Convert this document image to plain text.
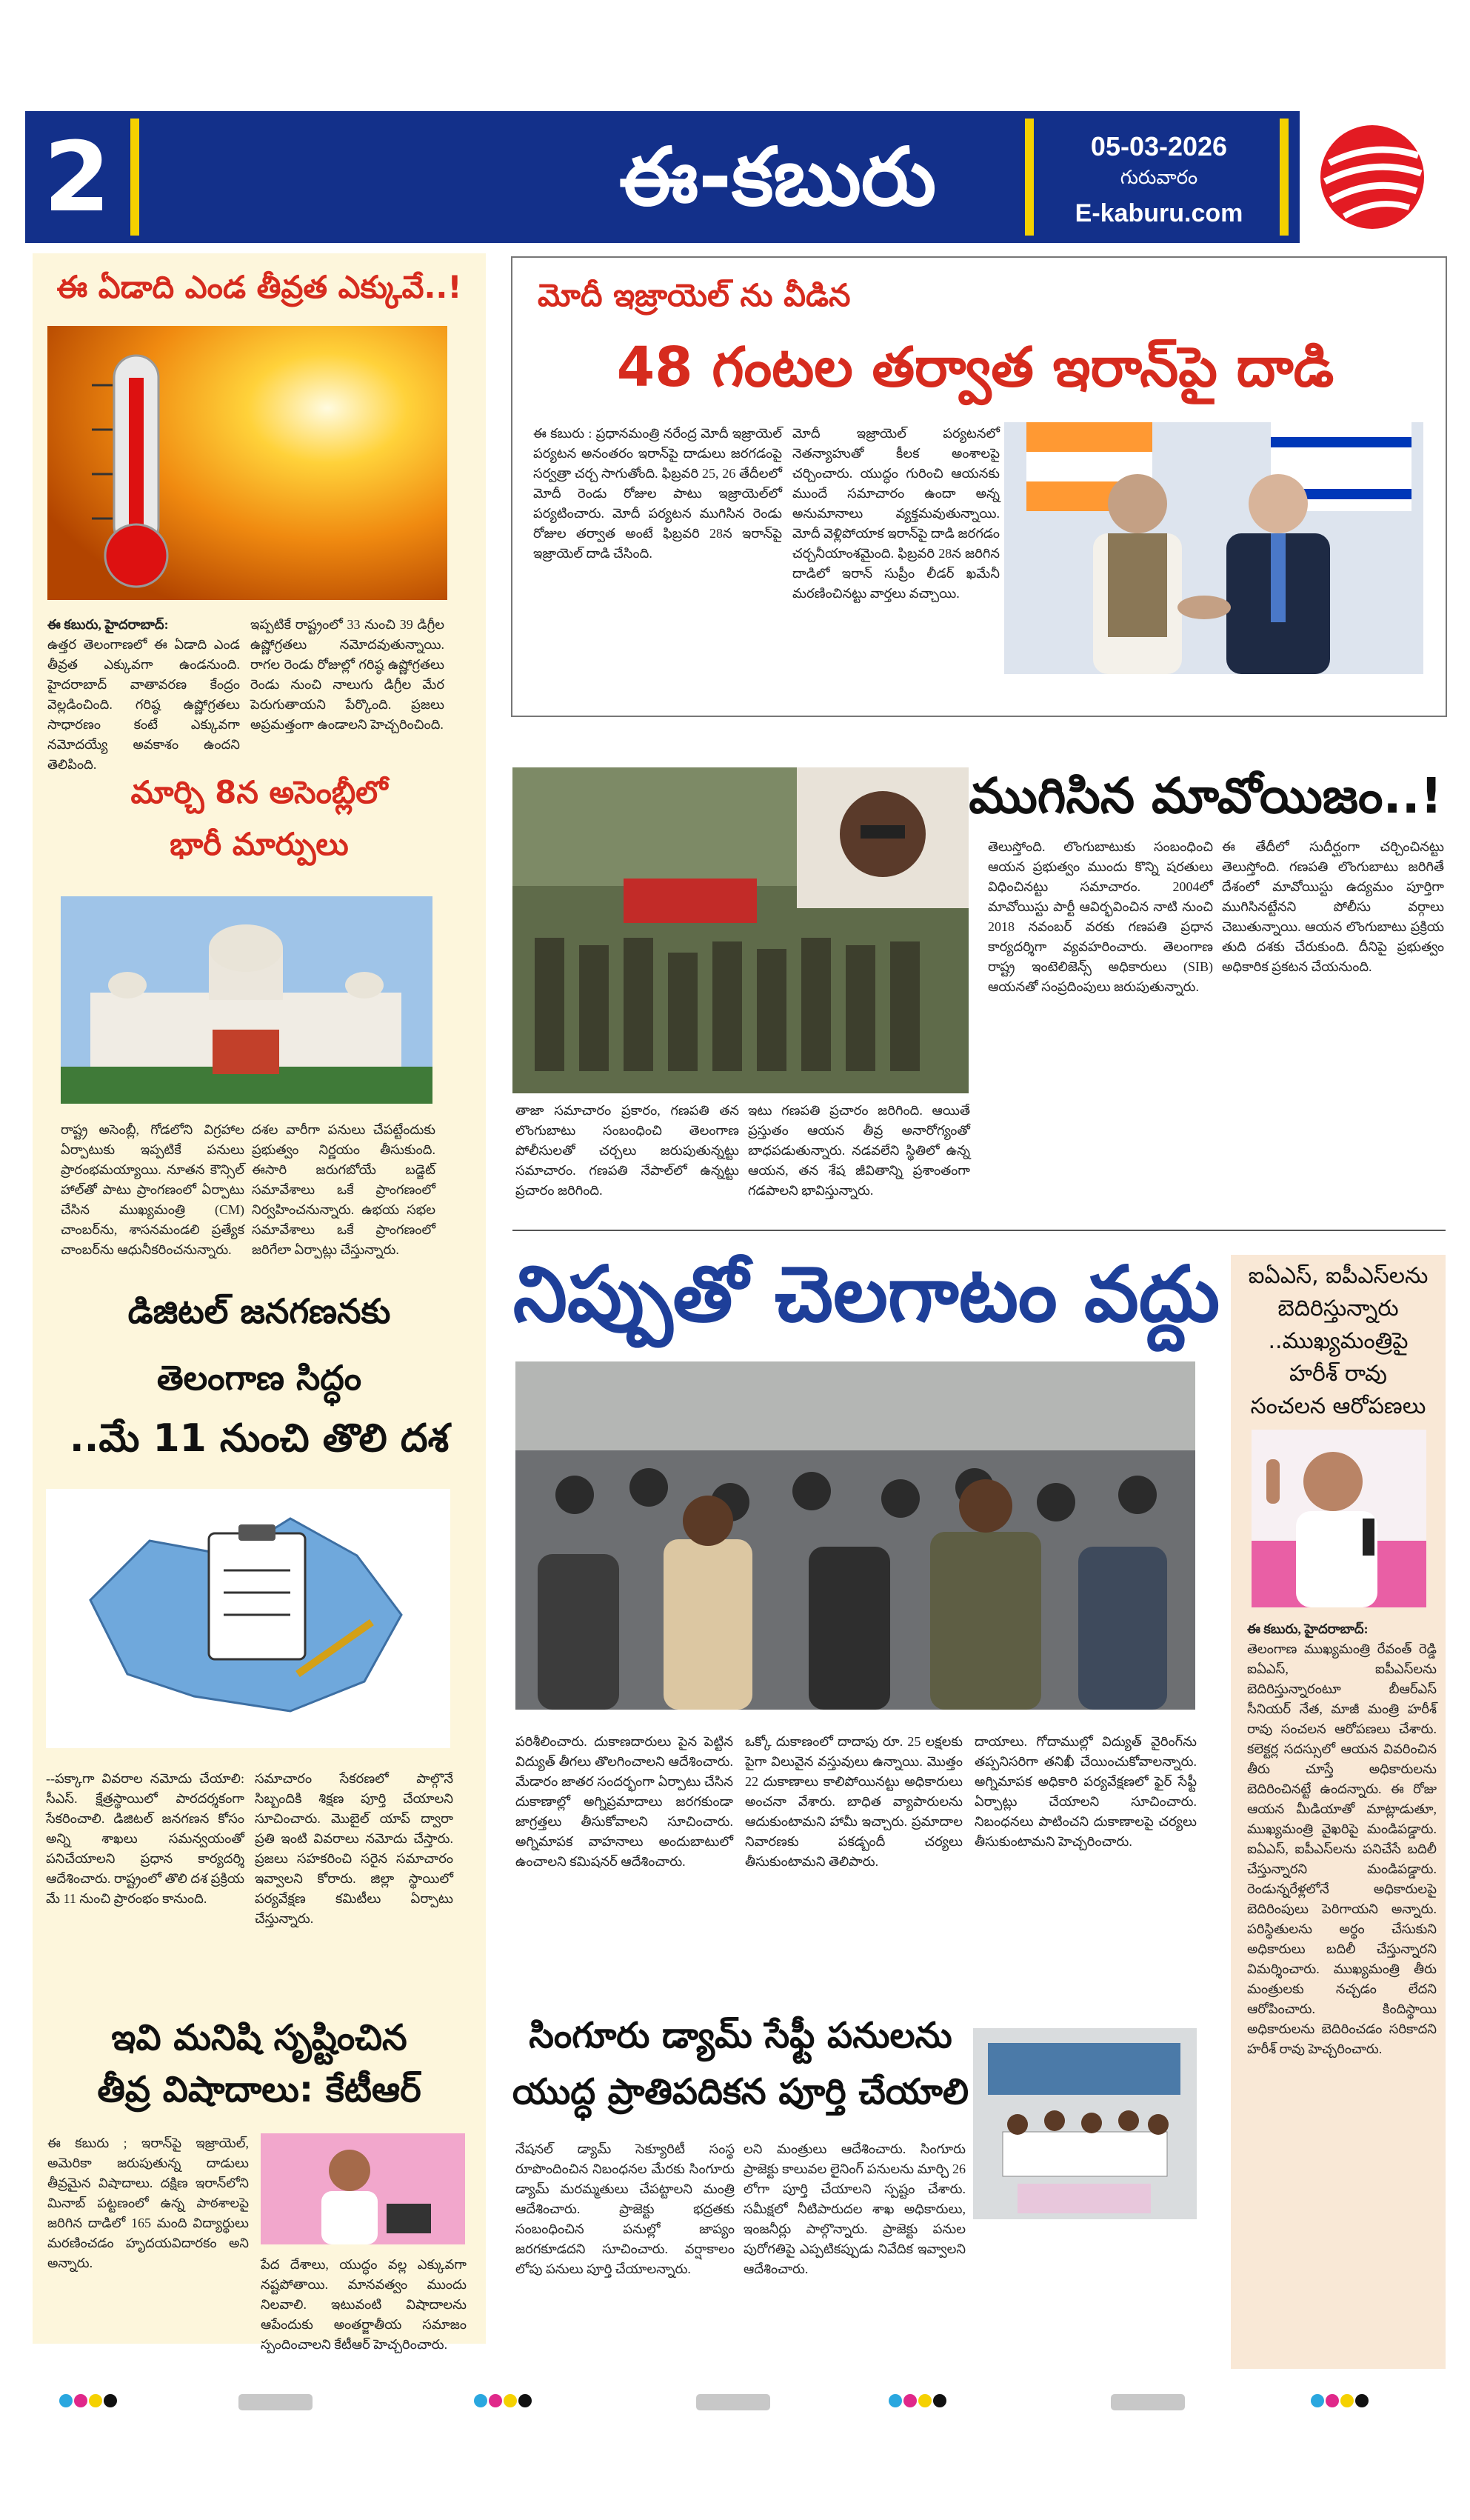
2	ఈ-కబురు	05-03-2026
గురువారం
E-kaburu.com
ఈ ఏడాది ఎండ తీవ్రత ఎక్కువే..!
ఈ కబురు, హైదరాబాద్:
ఉత్తర తెలంగాణలో ఈ ఏడాది ఎండ తీవ్రత ఎక్కువగా ఉండనుంది. హైదరాబాద్ వాతావరణ కేంద్రం వెల్లడించింది. గరిష్ఠ ఉష్ణోగ్రతలు సాధారణం కంటే ఎక్కువగా నమోదయ్యే అవకాశం ఉందని తెలిపింది.
ఇప్పటికే రాష్ట్రంలో 33 నుంచి 39 డిగ్రీల ఉష్ణోగ్రతలు నమోదవుతున్నాయి. రాగల రెండు రోజుల్లో గరిష్ఠ ఉష్ణోగ్రతలు రెండు నుంచి నాలుగు డిగ్రీల మేర పెరుగుతాయని పేర్కొంది. ప్రజలు అప్రమత్తంగా ఉండాలని హెచ్చరించింది.
మార్చి 8న అసెంబ్లీలో
భారీ మార్పులు
రాష్ట్ర అసెంబ్లీ, గోడలోని విగ్రహాల ఏర్పాటుకు ఇప్పటికే పనులు ప్రారంభమయ్యాయి. నూతన కౌన్సిల్ హాల్‌తో పాటు ప్రాంగణంలో ఏర్పాటు చేసిన ముఖ్యమంత్రి (CM) చాంబర్‌ను, శాసనమండలి ప్రత్యేక చాంబర్‌ను ఆధునీకరించనున్నారు.
దశల వారీగా పనులు చేపట్టేందుకు ప్రభుత్వం నిర్ణయం తీసుకుంది. ఈసారి జరుగబోయే బడ్జెట్ సమావేశాలు ఒకే ప్రాంగణంలో నిర్వహించనున్నారు. ఉభయ సభల సమావేశాలు ఒకే ప్రాంగణంలో జరిగేలా ఏర్పాట్లు చేస్తున్నారు.
డిజిటల్ జనగణనకు
తెలంగాణ సిద్ధం
..మే 11 నుంచి తొలి దశ
--పక్కాగా వివరాల నమోదు చేయాలి: సీఎస్. క్షేత్రస్థాయిలో పారదర్శకంగా సేకరించాలి. డిజిటల్ జనగణన కోసం అన్ని శాఖలు సమన్వయంతో పనిచేయాలని ప్రధాన కార్యదర్శి ఆదేశించారు. రాష్ట్రంలో తొలి దశ ప్రక్రియ మే 11 నుంచి ప్రారంభం కానుంది.
సమాచారం సేకరణలో పాల్గొనే సిబ్బందికి శిక్షణ పూర్తి చేయాలని సూచించారు. మొబైల్ యాప్ ద్వారా ప్రతి ఇంటి వివరాలు నమోదు చేస్తారు. ప్రజలు సహకరించి సరైన సమాచారం ఇవ్వాలని కోరారు. జిల్లా స్థాయిలో పర్యవేక్షణ కమిటీలు ఏర్పాటు చేస్తున్నారు.
ఇవి మనిషి సృష్టించిన
తీవ్ర విషాదాలు: కేటీఆర్
ఈ కబురు ; ఇరాన్‌పై ఇజ్రాయెల్, అమెరికా జరుపుతున్న దాడులు తీవ్రమైన విషాదాలు. దక్షిణ ఇరాన్‌లోని మినాబ్ పట్టణంలో ఉన్న పాఠశాలపై జరిగిన దాడిలో 165 మంది విద్యార్థులు మరణించడం హృదయవిదారకం అని అన్నారు.	పేద దేశాలు, యుద్ధం వల్ల ఎక్కువగా నష్టపోతాయి. మానవత్వం ముందు నిలవాలి. ఇటువంటి విషాదాలను ఆపేందుకు అంతర్జాతీయ సమాజం స్పందించాలని కేటీఆర్ హెచ్చరించారు.
మోదీ ఇజ్రాయెల్ ను వీడిన
48 గంటల తర్వాత ఇరాన్‌పై దాడి
ఈ కబురు : ప్రధానమంత్రి నరేంద్ర మోదీ ఇజ్రాయెల్ పర్యటన అనంతరం ఇరాన్‌పై దాడులు జరగడంపై సర్వత్రా చర్చ సాగుతోంది. ఫిబ్రవరి 25, 26 తేదీలలో మోదీ రెండు రోజుల పాటు ఇజ్రాయెల్‌లో పర్యటించారు. మోదీ పర్యటన ముగిసిన రెండు రోజుల తర్వాత అంటే ఫిబ్రవరి 28న ఇరాన్‌పై ఇజ్రాయెల్ దాడి చేసింది.
మోదీ ఇజ్రాయెల్ పర్యటనలో నెతన్యాహుతో కీలక అంశాలపై చర్చించారు. యుద్ధం గురించి ఆయనకు ముందే సమాచారం ఉందా అన్న అనుమానాలు వ్యక్తమవుతున్నాయి. మోదీ వెళ్లిపోయాక ఇరాన్‌పై దాడి జరగడం చర్చనీయాంశమైంది. ఫిబ్రవరి 28న జరిగిన దాడిలో ఇరాన్ సుప్రీం లీడర్ ఖమేనీ మరణించినట్టు వార్తలు వచ్చాయి.
ముగిసిన మావోయిజం..!
తాజా సమాచారం ప్రకారం, గణపతి తన లొంగుబాటు సంబంధించి తెలంగాణ పోలీసులతో చర్చలు జరుపుతున్నట్టు సమాచారం. గణపతి నేపాల్‌లో ఉన్నట్టు ప్రచారం జరిగింది.
ఇటు గణపతి ప్రచారం జరిగింది. ఆయితే ప్రస్తుతం ఆయన తీవ్ర అనారోగ్యంతో బాధపడుతున్నారు. నడవలేని స్థితిలో ఉన్న ఆయన, తన శేష జీవితాన్ని ప్రశాంతంగా గడపాలని భావిస్తున్నారు.
తెలుస్తోంది. లొంగుబాటుకు సంబంధించి ఆయన ప్రభుత్వం ముందు కొన్ని షరతులు విధించినట్టు సమాచారం. 2004లో మావోయిస్టు పార్టీ ఆవిర్భవించిన నాటి నుంచి 2018 నవంబర్ వరకు గణపతి ప్రధాన కార్యదర్శిగా వ్యవహరించారు. తెలంగాణ రాష్ట్ర ఇంటెలిజెన్స్ అధికారులు (SIB) ఆయనతో సంప్రదింపులు జరుపుతున్నారు.
ఈ తేదీలో సుదీర్ఘంగా చర్చించినట్టు తెలుస్తోంది. గణపతి లొంగుబాటు జరిగితే దేశంలో మావోయిస్టు ఉద్యమం పూర్తిగా ముగిసినట్టేనని పోలీసు వర్గాలు చెబుతున్నాయి. ఆయన లొంగుబాటు ప్రక్రియ తుది దశకు చేరుకుంది. దీనిపై ప్రభుత్వం అధికారిక ప్రకటన చేయనుంది.
నిప్పుతో చెలగాటం వద్దు
పరిశీలించారు. దుకాణదారులు పైన పెట్టిన విద్యుత్ తీగలు తొలగించాలని ఆదేశించారు. మేడారం జాతర సందర్భంగా ఏర్పాటు చేసిన దుకాణాల్లో అగ్నిప్రమాదాలు జరగకుండా జాగ్రత్తలు తీసుకోవాలని సూచించారు. అగ్నిమాపక వాహనాలు అందుబాటులో ఉంచాలని కమిషనర్ ఆదేశించారు.
ఒక్కో దుకాణంలో దాదాపు రూ. 25 లక్షలకు పైగా విలువైన వస్తువులు ఉన్నాయి. మొత్తం 22 దుకాణాలు కాలిపోయినట్టు అధికారులు అంచనా వేశారు. బాధిత వ్యాపారులను ఆదుకుంటామని హామీ ఇచ్చారు. ప్రమాదాల నివారణకు పకడ్బందీ చర్యలు తీసుకుంటామని తెలిపారు.
దాయాలు. గోదాముల్లో విద్యుత్ వైరింగ్‌ను తప్పనిసరిగా తనిఖీ చేయించుకోవాలన్నారు. అగ్నిమాపక అధికారి పర్యవేక్షణలో ఫైర్ సేఫ్టీ ఏర్పాట్లు చేయాలని సూచించారు. నిబంధనలు పాటించని దుకాణాలపై చర్యలు తీసుకుంటామని హెచ్చరించారు.
సింగూరు డ్యామ్ సేఫ్టీ పనులను
యుద్ధ ప్రాతిపదికన పూర్తి చేయాలి
నేషనల్ డ్యామ్ సెక్యూరిటీ సంస్థ రూపొందించిన నిబంధనల మేరకు సింగూరు డ్యామ్ మరమ్మతులు చేపట్టాలని మంత్రి ఆదేశించారు. ప్రాజెక్టు భద్రతకు సంబంధించిన పనుల్లో జాప్యం జరగకూడదని సూచించారు. వర్షాకాలం లోపు పనులు పూర్తి చేయాలన్నారు.
లని మంత్రులు ఆదేశించారు. సింగూరు ప్రాజెక్టు కాలువల లైనింగ్ పనులను మార్చి 26 లోగా పూర్తి చేయాలని స్పష్టం చేశారు. సమీక్షలో నీటిపారుదల శాఖ అధికారులు, ఇంజనీర్లు పాల్గొన్నారు. ప్రాజెక్టు పనుల పురోగతిపై ఎప్పటికప్పుడు నివేదిక ఇవ్వాలని ఆదేశించారు.
ఐఏఎస్, ఐపీఎస్‌లను
బెదిరిస్తున్నారు
..ముఖ్యమంత్రిపై
హరీశ్ రావు
సంచలన ఆరోపణలు
ఈ కబురు, హైదరాబాద్:
తెలంగాణ ముఖ్యమంత్రి రేవంత్ రెడ్డి ఐఏఎస్, ఐపీఎస్‌లను బెదిరిస్తున్నారంటూ బీఆర్ఎస్ సీనియర్ నేత, మాజీ మంత్రి హరీశ్ రావు సంచలన ఆరోపణలు చేశారు. కలెక్టర్ల సదస్సులో ఆయన వివరించిన తీరు చూస్తే అధికారులను బెదిరించినట్టే ఉందన్నారు. ఈ రోజు ఆయన మీడియాతో మాట్లాడుతూ, ముఖ్యమంత్రి వైఖరిపై మండిపడ్డారు. ఐఏఎస్, ఐపీఎస్‌లను పనిచేసే బదిలీ చేస్తున్నారని మండిపడ్డారు. రెండున్నరేళ్లలోనే అధికారులపై బెదిరింపులు పెరిగాయని అన్నారు. పరిస్థితులను అర్థం చేసుకుని అధికారులు బదిలీ చేస్తున్నారని విమర్శించారు. ముఖ్యమంత్రి తీరు మంత్రులకు నచ్చడం లేదని ఆరోపించారు. కిందిస్థాయి అధికారులను బెదిరించడం సరికాదని హరీశ్ రావు హెచ్చరించారు.
